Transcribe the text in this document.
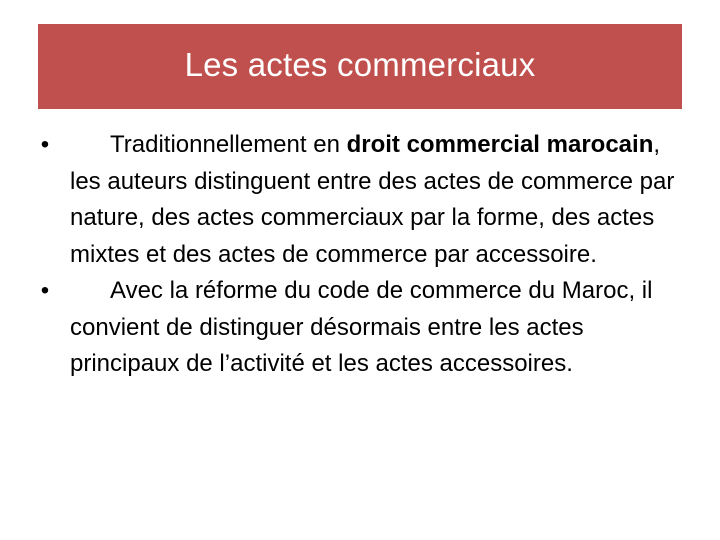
Les actes commerciaux
•	Traditionnellement en droit commercial marocain, les auteurs distinguent entre des actes de commerce par nature, des actes commerciaux par la forme, des actes mixtes et des actes de commerce par accessoire.
•	Avec la réforme du code de commerce du Maroc, il convient de distinguer désormais entre les actes principaux de l’activité et les actes accessoires.
